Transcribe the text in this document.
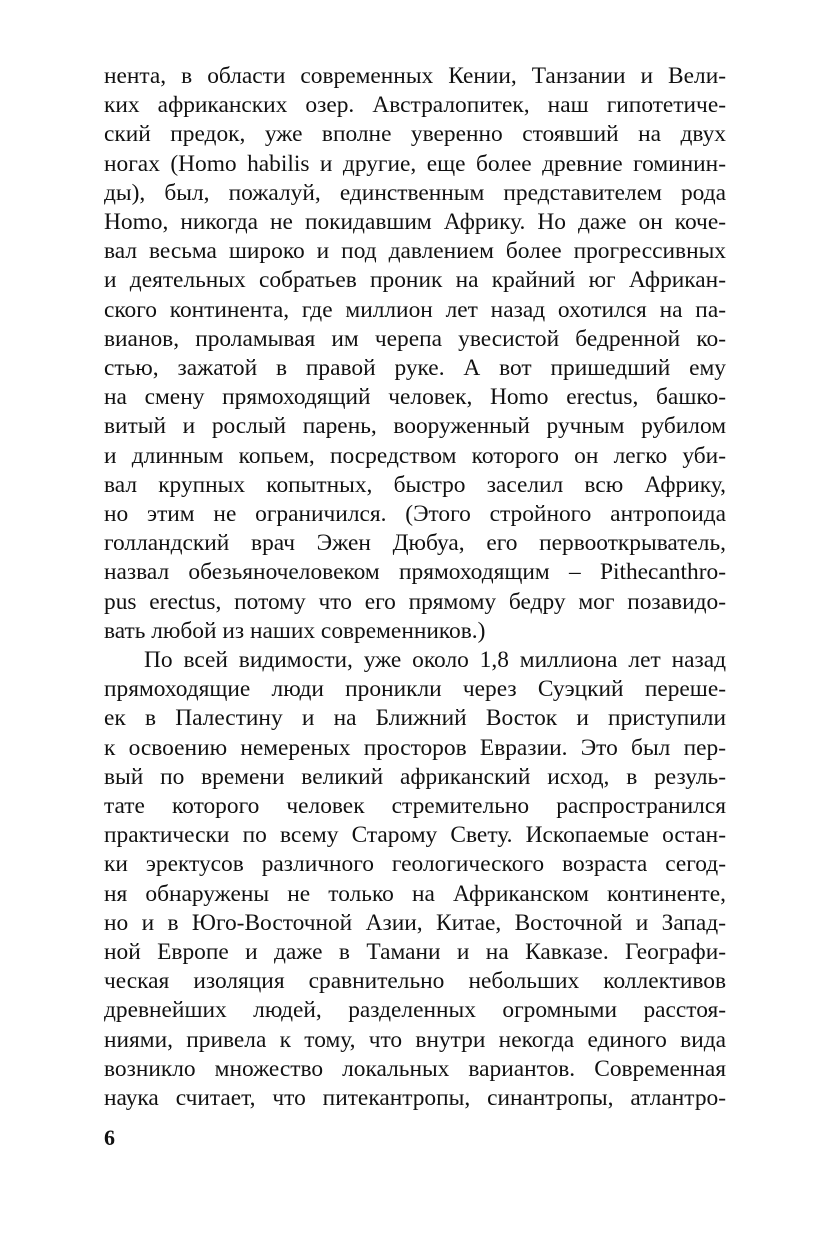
нента, в области современных Кении, Танзании и Вели-
ких африканских озер. Австралопитек, наш гипотетиче-
ский предок, уже вполне уверенно стоявший на двух
ногах (Homo habilis и другие, еще более древние гоминин-
ды), был, пожалуй, единственным представителем рода
Homo, никогда не покидавшим Африку. Но даже он коче-
вал весьма широко и под давлением более прогрессивных
и деятельных собратьев проник на крайний юг Африкан-
ского континента, где миллион лет назад охотился на па-
вианов, проламывая им черепа увесистой бедренной ко-
стью, зажатой в правой руке. А вот пришедший ему
на смену прямоходящий человек, Homo erectus, башко-
витый и рослый парень, вооруженный ручным рубилом
и длинным копьем, посредством которого он легко уби-
вал крупных копытных, быстро заселил всю Африку,
но этим не ограничился. (Этого стройного антропоида
голландский врач Эжен Дюбуа, его первооткрыватель,
назвал обезьяночеловеком прямоходящим – Pithecanthro-
pus erectus, потому что его прямому бедру мог позавидо-
вать любой из наших современников.)
По всей видимости, уже около 1,8 миллиона лет назад
прямоходящие люди проникли через Суэцкий переше-
ек в Палестину и на Ближний Восток и приступили
к освоению немереных просторов Евразии. Это был пер-
вый по времени великий африканский исход, в резуль-
тате которого человек стремительно распространился
практически по всему Старому Свету. Ископаемые остан-
ки эректусов различного геологического возраста сегод-
ня обнаружены не только на Африканском континенте,
но и в Юго-Восточной Азии, Китае, Восточной и Запад-
ной Европе и даже в Тамани и на Кавказе. Географи-
ческая изоляция сравнительно небольших коллективов
древнейших людей, разделенных огромными расстоя-
ниями, привела к тому, что внутри некогда единого вида
возникло множество локальных вариантов. Современная
наука считает, что питекантропы, синантропы, атлантро-
6
